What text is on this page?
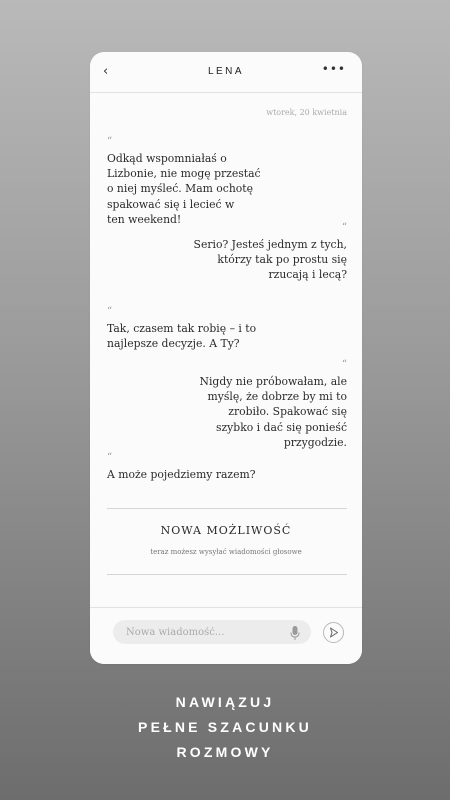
‹	LENA	•••
wtorek, 20 kwietnia
“
Odkąd wspomniałaś o
Lizbonie, nie mogę przestać
o niej myśleć. Mam ochotę
spakować się i lecieć w
ten weekend!
“
Serio? Jesteś jednym z tych,
którzy tak po prostu się
rzucają i lecą?
“
Tak, czasem tak robię – i to
najlepsze decyzje. A Ty?
“
Nigdy nie próbowałam, ale
myślę, że dobrze by mi to
zrobiło. Spakować się
szybko i dać się ponieść
przygodzie.
“
A może pojedziemy razem?
NOWA MOŻLIWOŚĆ
teraz możesz wysyłać wiadomości głosowe
Nowa wiadomość...
NAWIĄZUJ
PEŁNE SZACUNKU
ROZMOWY
